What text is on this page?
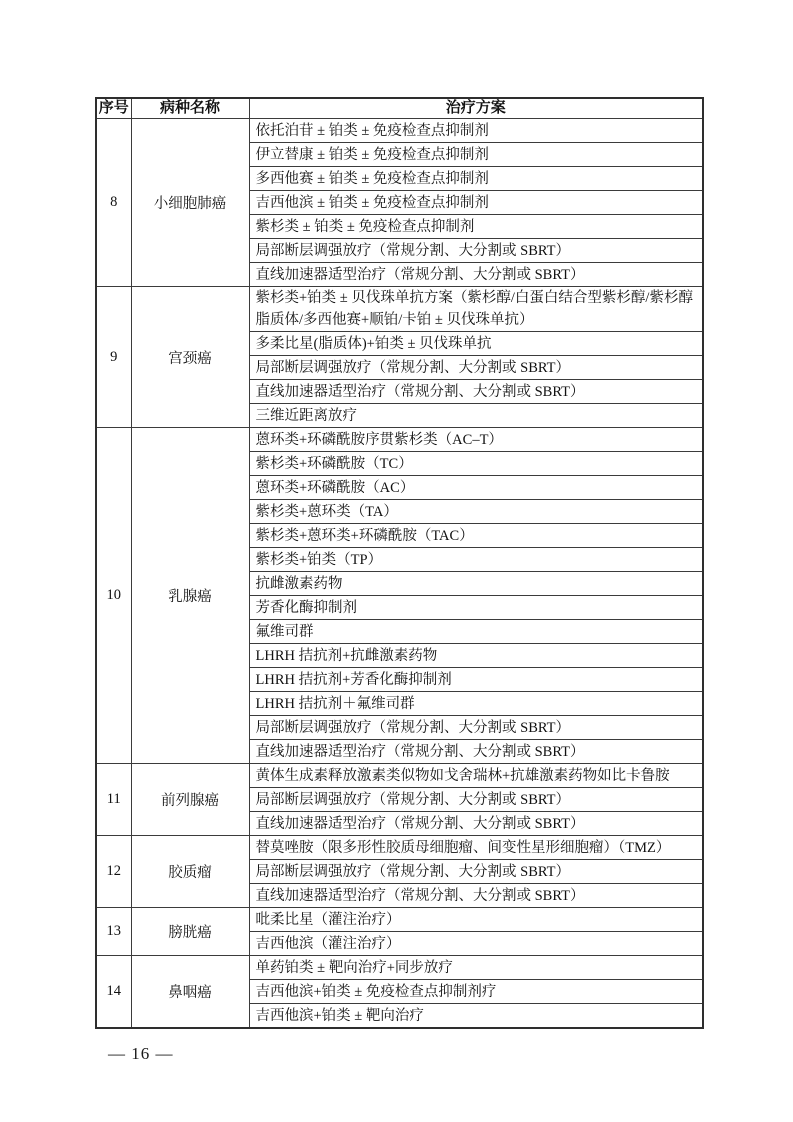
序号	病种名称	治疗方案
8	小细胞肺癌	依托泊苷 ± 铂类 ± 免疫检查点抑制剂
		伊立替康 ± 铂类 ± 免疫检查点抑制剂
		多西他赛 ± 铂类 ± 免疫检查点抑制剂
		吉西他滨 ± 铂类 ± 免疫检查点抑制剂
		紫杉类 ± 铂类 ± 免疫检查点抑制剂
		局部断层调强放疗（常规分割、大分割或 SBRT）
		直线加速器适型治疗（常规分割、大分割或 SBRT）
9	宫颈癌	紫杉类+铂类 ± 贝伐珠单抗方案（紫杉醇/白蛋白结合型紫杉醇/紫杉醇脂质体/多西他赛+顺铂/卡铂 ± 贝伐珠单抗）
		多柔比星(脂质体)+铂类 ± 贝伐珠单抗
		局部断层调强放疗（常规分割、大分割或 SBRT）
		直线加速器适型治疗（常规分割、大分割或 SBRT）
		三维近距离放疗
10	乳腺癌	蒽环类+环磷酰胺序贯紫杉类（AC–T）
		紫杉类+环磷酰胺（TC）
		蒽环类+环磷酰胺（AC）
		紫杉类+蒽环类（TA）
		紫杉类+蒽环类+环磷酰胺（TAC）
		紫杉类+铂类（TP）
		抗雌激素药物
		芳香化酶抑制剂
		氟维司群
		LHRH 拮抗剂+抗雌激素药物
		LHRH 拮抗剂+芳香化酶抑制剂
		LHRH 拮抗剂＋氟维司群
		局部断层调强放疗（常规分割、大分割或 SBRT）
		直线加速器适型治疗（常规分割、大分割或 SBRT）
11	前列腺癌	黄体生成素释放激素类似物如戈舍瑞林+抗雄激素药物如比卡鲁胺
		局部断层调强放疗（常规分割、大分割或 SBRT）
		直线加速器适型治疗（常规分割、大分割或 SBRT）
12	胶质瘤	替莫唑胺（限多形性胶质母细胞瘤、间变性星形细胞瘤）（TMZ）
		局部断层调强放疗（常规分割、大分割或 SBRT）
		直线加速器适型治疗（常规分割、大分割或 SBRT）
13	膀胱癌	吡柔比星（灌注治疗）
		吉西他滨（灌注治疗）
14	鼻咽癌	单药铂类 ± 靶向治疗+同步放疗
		吉西他滨+铂类 ± 免疫检查点抑制剂疗
		吉西他滨+铂类 ± 靶向治疗
— 16 —
